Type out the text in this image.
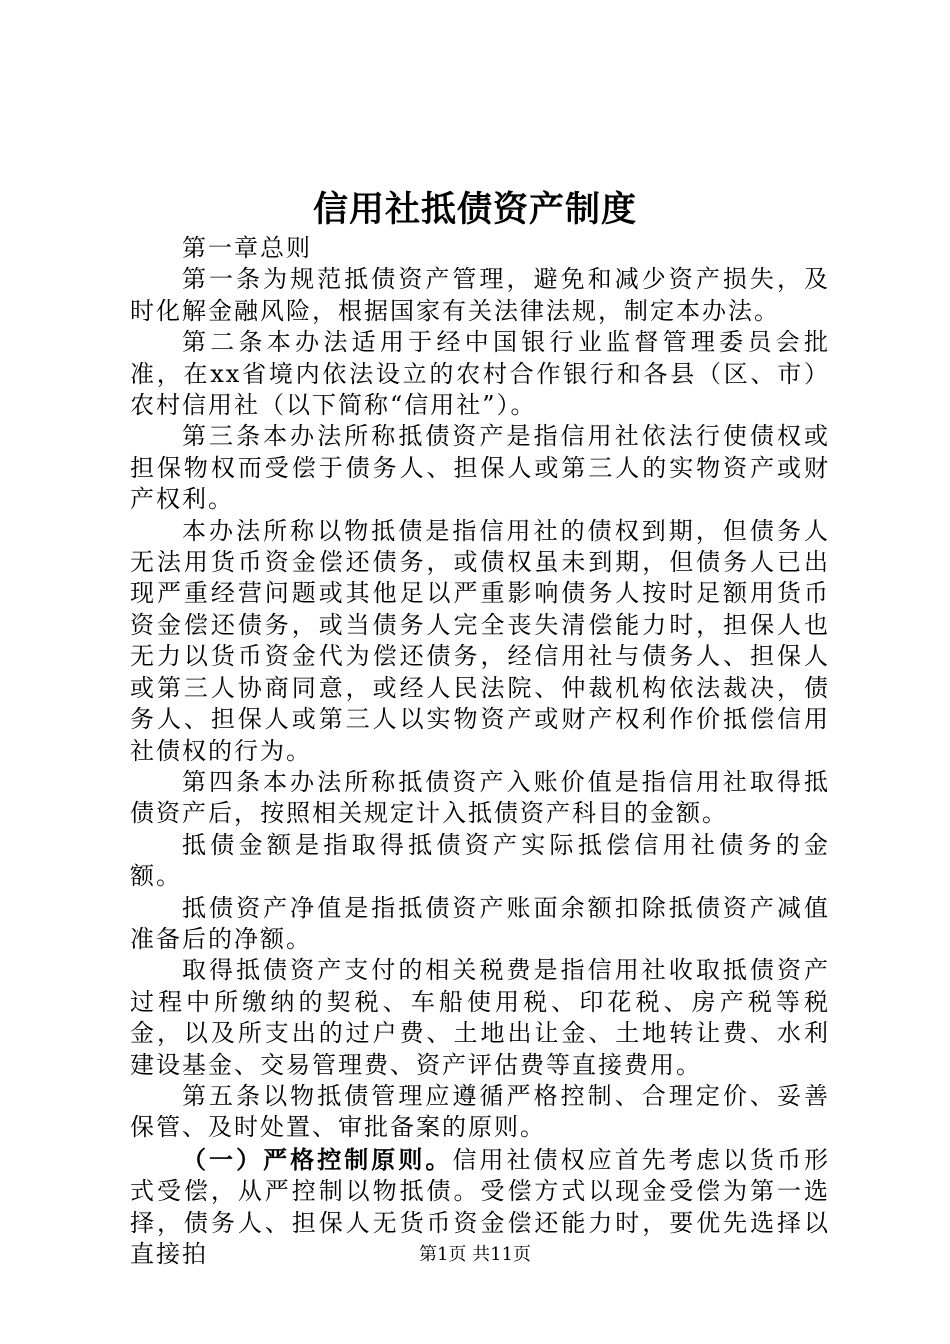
信用社抵债资产制度

第一章总则

第一条为规范抵债资产管理，避免和减少资产损失，及时化解金融风险，根据国家有关法律法规，制定本办法。

第二条本办法适用于经中国银行业监督管理委员会批准，在xx省境内依法设立的农村合作银行和各县（区、市）农村信用社（以下简称“信用社”）。

第三条本办法所称抵债资产是指信用社依法行使债权或担保物权而受偿于债务人、担保人或第三人的实物资产或财产权利。

本办法所称以物抵债是指信用社的债权到期，但债务人无法用货币资金偿还债务，或债权虽未到期，但债务人已出现严重经营问题或其他足以严重影响债务人按时足额用货币资金偿还债务，或当债务人完全丧失清偿能力时，担保人也无力以货币资金代为偿还债务，经信用社与债务人、担保人或第三人协商同意，或经人民法院、仲裁机构依法裁决，债务人、担保人或第三人以实物资产或财产权利作价抵偿信用社债权的行为。

第四条本办法所称抵债资产入账价值是指信用社取得抵债资产后，按照相关规定计入抵债资产科目的金额。

抵债金额是指取得抵债资产实际抵偿信用社债务的金额。

抵债资产净值是指抵债资产账面余额扣除抵债资产减值准备后的净额。

取得抵债资产支付的相关税费是指信用社收取抵债资产过程中所缴纳的契税、车船使用税、印花税、房产税等税金，以及所支出的过户费、土地出让金、土地转让费、水利建设基金、交易管理费、资产评估费等直接费用。

第五条以物抵债管理应遵循严格控制、合理定价、妥善保管、及时处置、审批备案的原则。

（一）严格控制原则。信用社债权应首先考虑以货币形式受偿，从严控制以物抵债。受偿方式以现金受偿为第一选择，债务人、担保人无货币资金偿还能力时，要优先选择以直接拍	第1页 共11页
